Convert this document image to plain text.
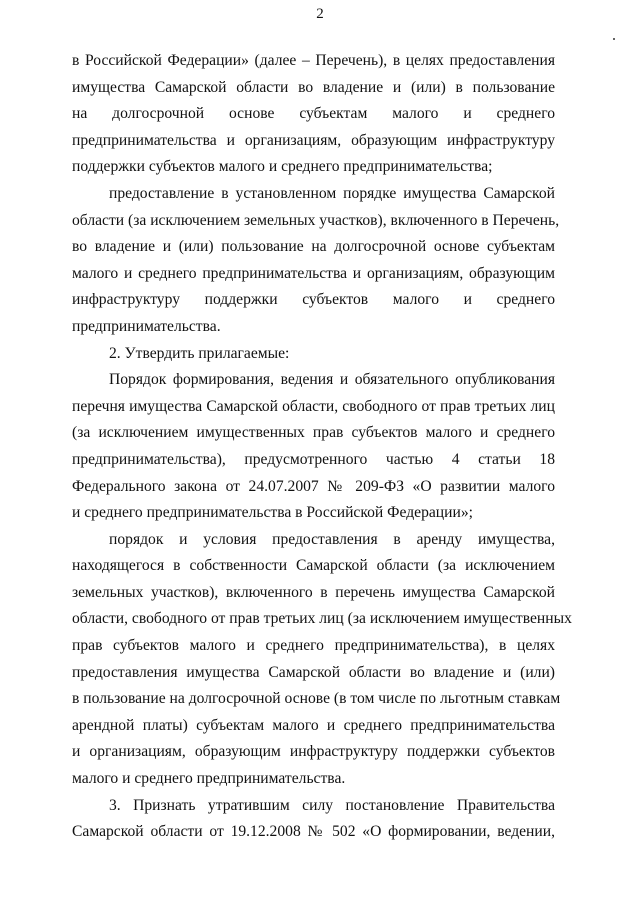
2
в Российской Федерации» (далее – Перечень), в целях предоставления
имущества Самарской области во владение и (или) в пользование
на долгосрочной основе субъектам малого и среднего
предпринимательства и организациям, образующим инфраструктуру
поддержки субъектов малого и среднего предпринимательства;
предоставление в установленном порядке имущества Самарской
области (за исключением земельных участков), включенного в Перечень,
во владение и (или) пользование на долгосрочной основе субъектам
малого и среднего предпринимательства и организациям, образующим
инфраструктуру поддержки субъектов малого и среднего
предпринимательства.
2. Утвердить прилагаемые:
Порядок формирования, ведения и обязательного опубликования
перечня имущества Самарской области, свободного от прав третьих лиц
(за исключением имущественных прав субъектов малого и среднего
предпринимательства), предусмотренного частью 4 статьи 18
Федерального закона от 24.07.2007 № 209-ФЗ «О развитии малого
и среднего предпринимательства в Российской Федерации»;
порядок и условия предоставления в аренду имущества,
находящегося в собственности Самарской области (за исключением
земельных участков), включенного в перечень имущества Самарской
области, свободного от прав третьих лиц (за исключением имущественных
прав субъектов малого и среднего предпринимательства), в целях
предоставления имущества Самарской области во владение и (или)
в пользование на долгосрочной основе (в том числе по льготным ставкам
арендной платы) субъектам малого и среднего предпринимательства
и организациям, образующим инфраструктуру поддержки субъектов
малого и среднего предпринимательства.
3. Признать утратившим силу постановление Правительства
Самарской области от 19.12.2008 № 502 «О формировании, ведении,
